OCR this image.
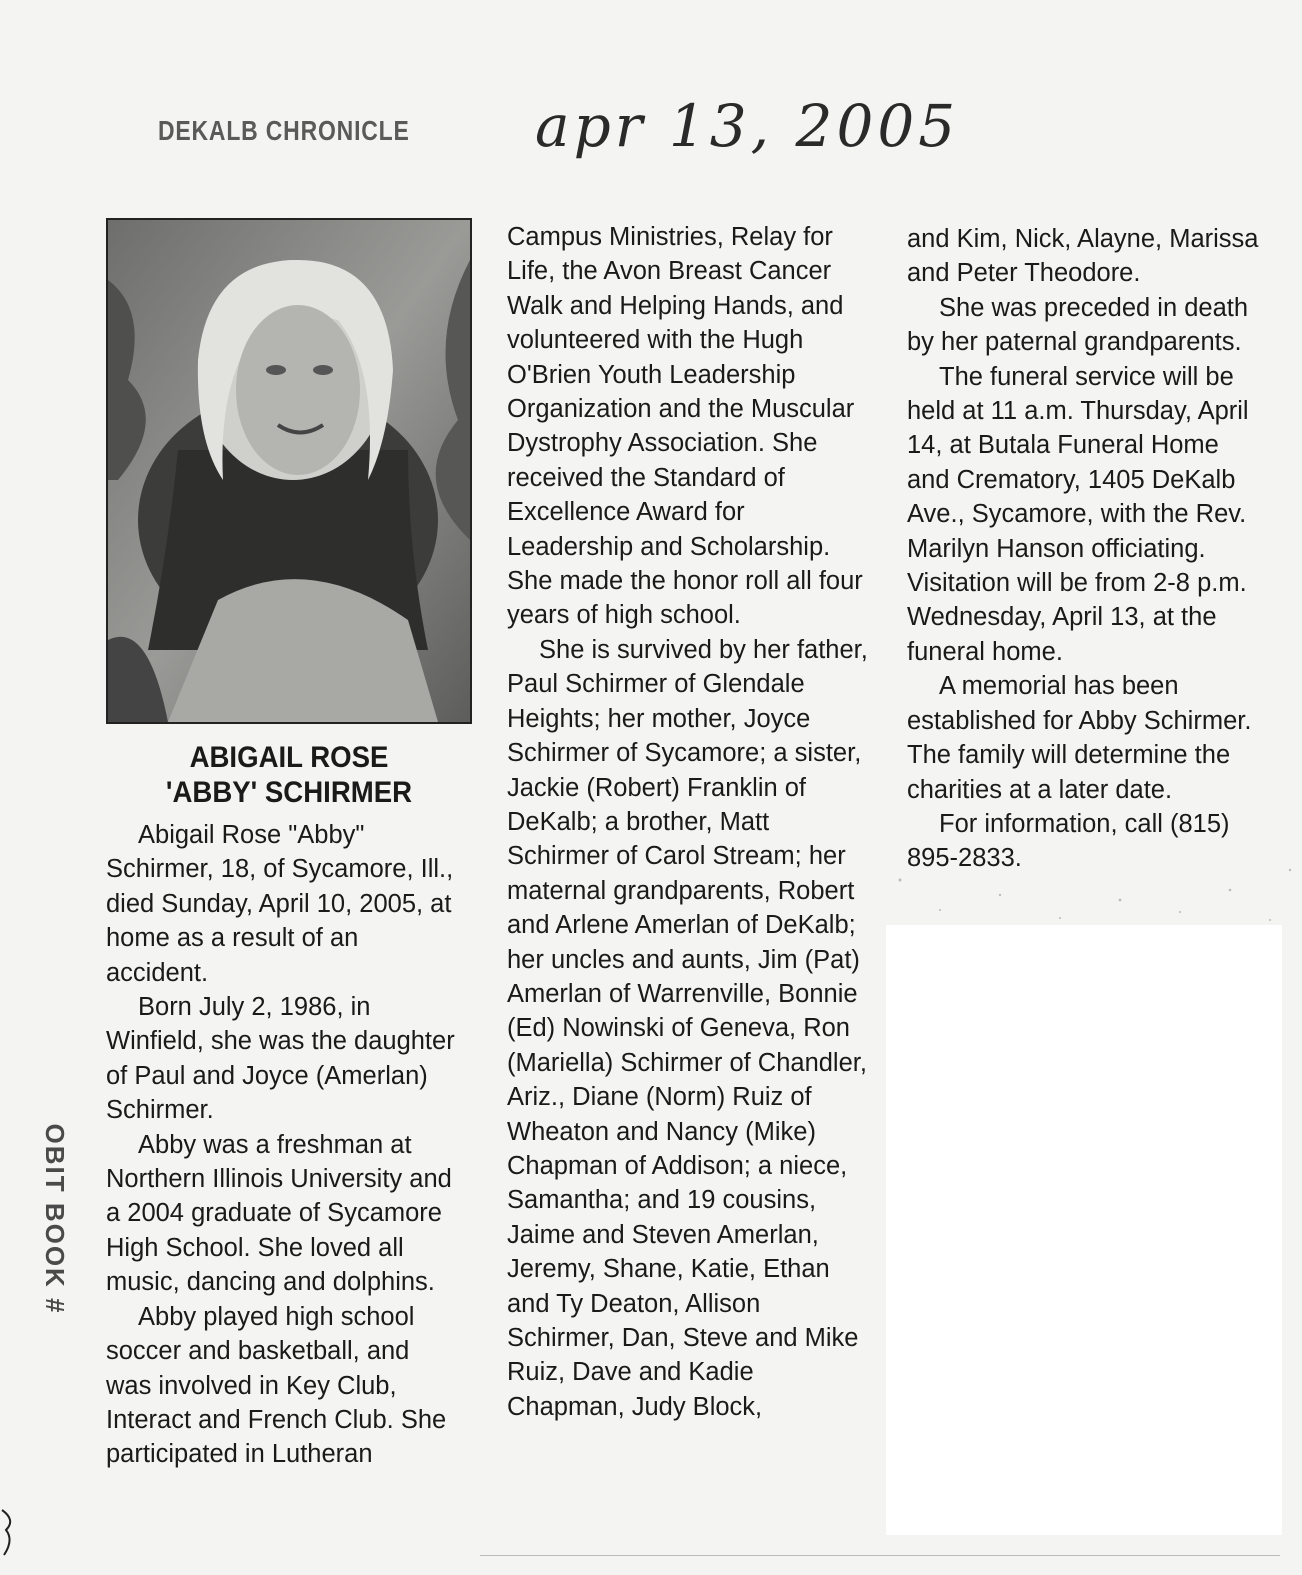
DEKALB CHRONICLE apr 13, 2005
ABIGAIL ROSE
'ABBY' SCHIRMER

Abigail Rose "Abby" Schirmer, 18, of Sycamore, Ill., died Sunday, April 10, 2005, at home as a result of an accident.

Born July 2, 1986, in Winfield, she was the daughter of Paul and Joyce (Amerlan) Schirmer.

Abby was a freshman at Northern Illinois University and a 2004 graduate of Sycamore High School. She loved all music, dancing and dolphins.

Abby played high school soccer and basketball, and was involved in Key Club, Interact and French Club. She participated in Lutheran

Campus Ministries, Relay for Life, the Avon Breast Cancer Walk and Helping Hands, and volunteered with the Hugh O'Brien Youth Leadership Organization and the Muscular Dystrophy Association. She received the Standard of Excellence Award for Leadership and Scholarship. She made the honor roll all four years of high school.

She is survived by her father, Paul Schirmer of Glendale Heights; her mother, Joyce Schirmer of Sycamore; a sister, Jackie (Robert) Franklin of DeKalb; a brother, Matt Schirmer of Carol Stream; her maternal grandparents, Robert and Arlene Amerlan of DeKalb; her uncles and aunts, Jim (Pat) Amerlan of Warrenville, Bonnie (Ed) Nowinski of Geneva, Ron (Mariella) Schirmer of Chandler, Ariz., Diane (Norm) Ruiz of Wheaton and Nancy (Mike) Chapman of Addison; a niece, Samantha; and 19 cousins, Jaime and Steven Amerlan, Jeremy, Shane, Katie, Ethan and Ty Deaton, Allison Schirmer, Dan, Steve and Mike Ruiz, Dave and Kadie Chapman, Judy Block,

and Kim, Nick, Alayne, Marissa and Peter Theodore.

She was preceded in death by her paternal grandparents.

The funeral service will be held at 11 a.m. Thursday, April 14, at Butala Funeral Home and Crematory, 1405 DeKalb Ave., Sycamore, with the Rev. Marilyn Hanson officiating. Visitation will be from 2-8 p.m. Wednesday, April 13, at the funeral home.

A memorial has been established for Abby Schirmer. The family will determine the charities at a later date.

For information, call (815) 895-2833.

OBIT BOOK #
